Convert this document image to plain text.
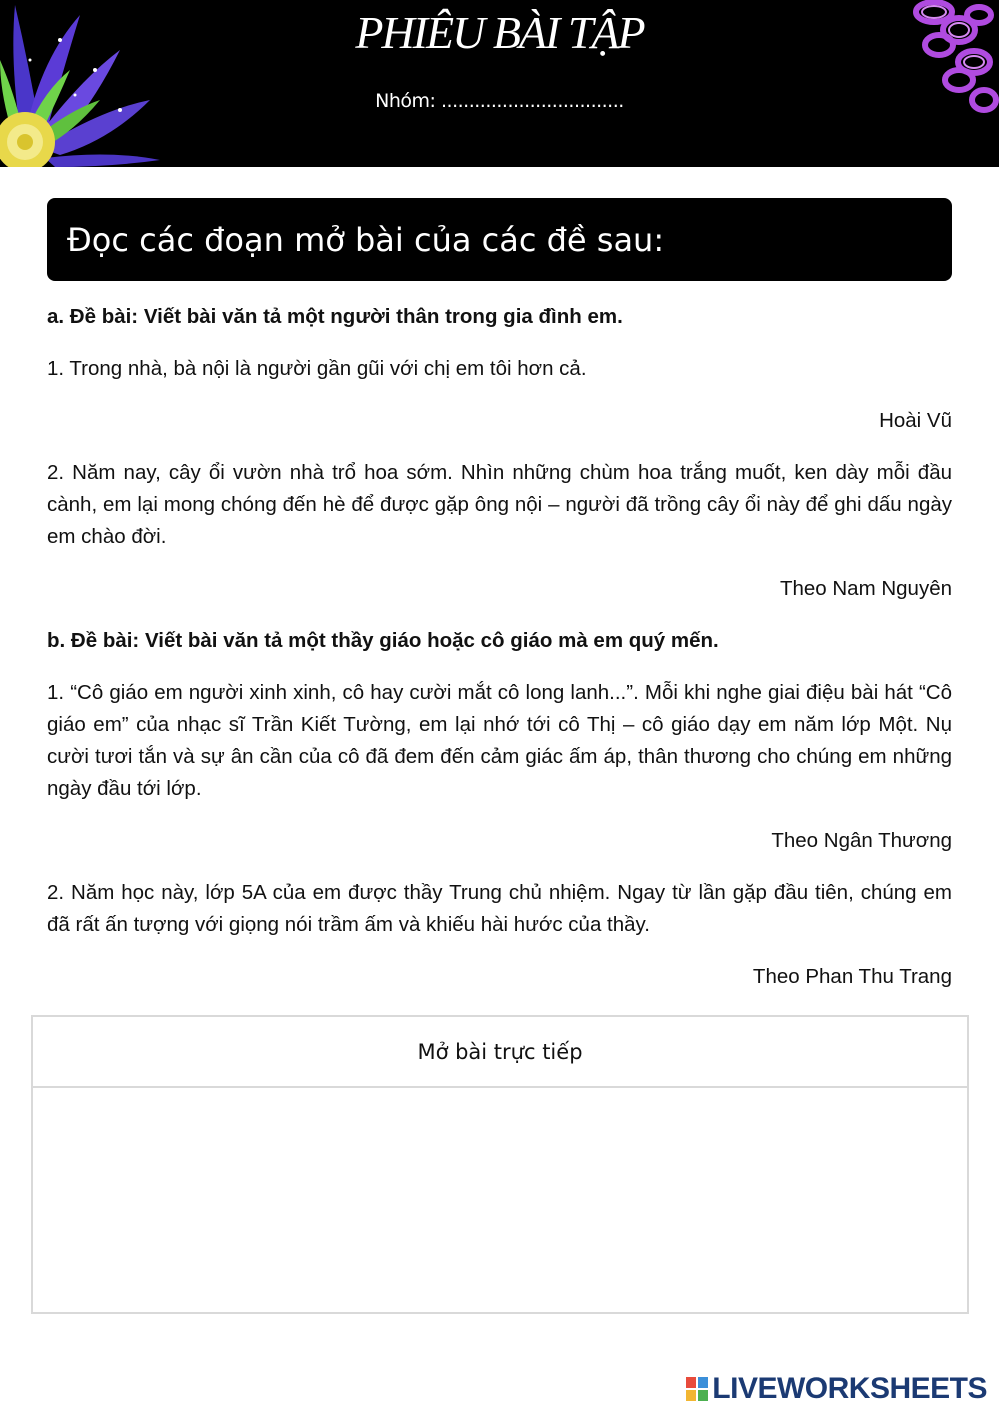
PHIÊU BÀI TẬP
Nhóm: .................................
Đọc các đoạn mở bài của các đề sau:

a. Đề bài: Viết bài văn tả một người thân trong gia đình em.

1. Trong nhà, bà nội là người gần gũi với chị em tôi hơn cả.

Hoài Vũ

2. Năm nay, cây ổi vườn nhà trổ hoa sớm. Nhìn những chùm hoa trắng muốt, ken dày mỗi đầu cành, em lại mong chóng đến hè để được gặp ông nội – người đã trồng cây ổi này để ghi dấu ngày em chào đời.

Theo Nam Nguyên

b. Đề bài: Viết bài văn tả một thầy giáo hoặc cô giáo mà em quý mến.

1. “Cô giáo em người xinh xinh, cô hay cười mắt cô long lanh...”. Mỗi khi nghe giai điệu bài hát “Cô giáo em” của nhạc sĩ Trần Kiết Tường, em lại nhớ tới cô Thị – cô giáo dạy em năm lớp Một. Nụ cười tươi tắn và sự ân cần của cô đã đem đến cảm giác ấm áp, thân thương cho chúng em những ngày đầu tới lớp.

Theo Ngân Thương

2. Năm học này, lớp 5A của em được thầy Trung chủ nhiệm. Ngay từ lần gặp đầu tiên, chúng em đã rất ấn tượng với giọng nói trầm ấm và khiếu hài hước của thầy.

Theo Phan Thu Trang

Mở bài trực tiếp
LIVEWORKSHEETS
